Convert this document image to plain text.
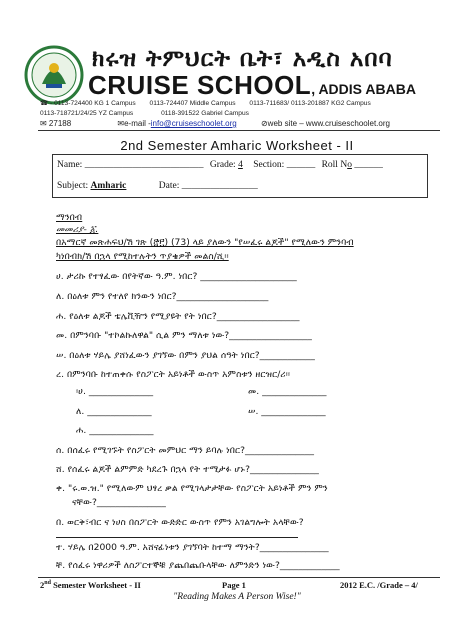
ክሩዝ ትምህርት ቤት፣ አዲስ አበባ
CRUISE SCHOOL, ADDIS ABABA
☎ - 0113-724400 KG 1 Campus 0113-724407 Middle Campus 0113-711683/ 0113-201887 KG2 Campus
0113-718721/24/25 YZ Campus	0118-391522 Gabriel Campus
✉ 27188	✉e-mail -info@cruiseschoolet.org	⊘web site – www.cruiseschoolet.org
2nd Semester Amharic Worksheet - II
Name: _________________________ Grade: 4 Section: ______ Roll No ______
Subject: Amharic	Date: ________________
ማንበብ
መመሪያ- ፩.
በአማርኛ መጽሐፍህ/ሽ ገጽ (፸፫) (73) ላይ ያለውን "የሠፈሩ ልጆች" የሚለውን ምንባብ
ካነበብክ/ሽ በኋላ የሚከተሉትን ጥያቄዎች መልስ/ሺ፡፡
ሀ. ታሪኩ የተፃፈው በየትኛው ዓ.ም. ነበር? _____________________
ለ. በዕለቱ ምን የተለየ ክንውን ነበር?____________________
ሐ. የዕለቱ ልጆች ቴሌቪዥን የሚያዩት የት ነበር?__________________
መ. በምንባቡ "ተኮልኩለዋል" ሲል ምን ማለቱ ነው?__________________
ሠ. በዕለቱ ሃይሌ ያሸነፈውን ያገኘው በምን ያህል ሰዓት ነበር?____________
ረ. በምንባቡ ከተጠቀሱ የስፖርት አይነቶች ውስጥ አምስቱን ዘርዝር/ሪ፡፡
፡ሀ. ______________	መ. ______________
ለ. ______________	ሠ. ______________
ሐ. ______________
ሰ. በሰፈሩ የሚገኙት የስፖርት መምህር ማን ይባሉ ነበር?_______________
ሸ. የሰፈሩ ልጆች ልምምድ ካደረጉ በኋላ የት ተሚታፉ ሆኑ?_______________
ቀ. "ሩ.ወ.ዝ." የሚለውም ህፃረ ቃል የሚገላታታቸው የስፖርት አይነቶች ምን ምን
ናቸው?_______________
በ. ወርቅ፣ብር ና ነሀስ በስፖርት ውድድር ውስጥ የምን አገልግሎት አላቸው?
ተ. ሃይሌ በ2000 ዓ.ም. አሸናፊነቱን ያገኘባት ከተማ ማንት?_______________
ቸ. የሰፈሩ ነዋሪዎች ለስፖርተኞቹ ያጨበጨቡላቸው ለምንድን ነው?_____________
2nd Semester Worksheet - II	Page 1	2012 E.C. /Grade – 4/
"Reading Makes A Person Wise!"
